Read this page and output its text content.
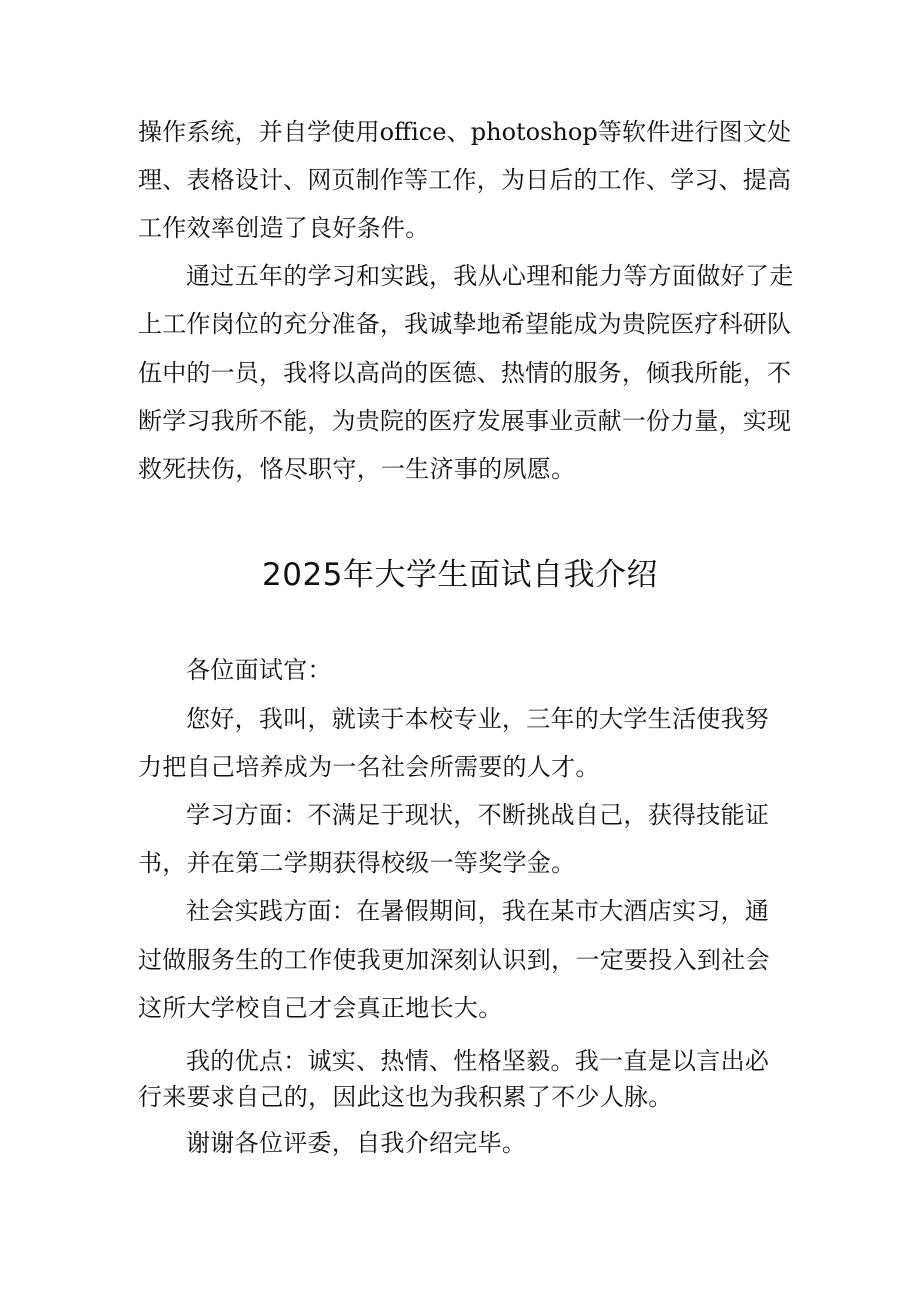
操作系统，并自学使用office、photoshop等软件进行图文处
理、表格设计、网页制作等工作，为日后的工作、学习、提高
工作效率创造了良好条件。
通过五年的学习和实践，我从心理和能力等方面做好了走
上工作岗位的充分准备，我诚挚地希望能成为贵院医疗科研队
伍中的一员，我将以高尚的医德、热情的服务，倾我所能，不
断学习我所不能，为贵院的医疗发展事业贡献一份力量，实现
救死扶伤，恪尽职守，一生济事的夙愿。
2025年大学生面试自我介绍
各位面试官：
您好，我叫，就读于本校专业，三年的大学生活使我努
力把自己培养成为一名社会所需要的人才。
学习方面：不满足于现状，不断挑战自己，获得技能证
书，并在第二学期获得校级一等奖学金。
社会实践方面：在暑假期间，我在某市大酒店实习，通
过做服务生的工作使我更加深刻认识到，一定要投入到社会
这所大学校自己才会真正地长大。
我的优点：诚实、热情、性格坚毅。我一直是以言出必
行来要求自己的，因此这也为我积累了不少人脉。
谢谢各位评委，自我介绍完毕。
